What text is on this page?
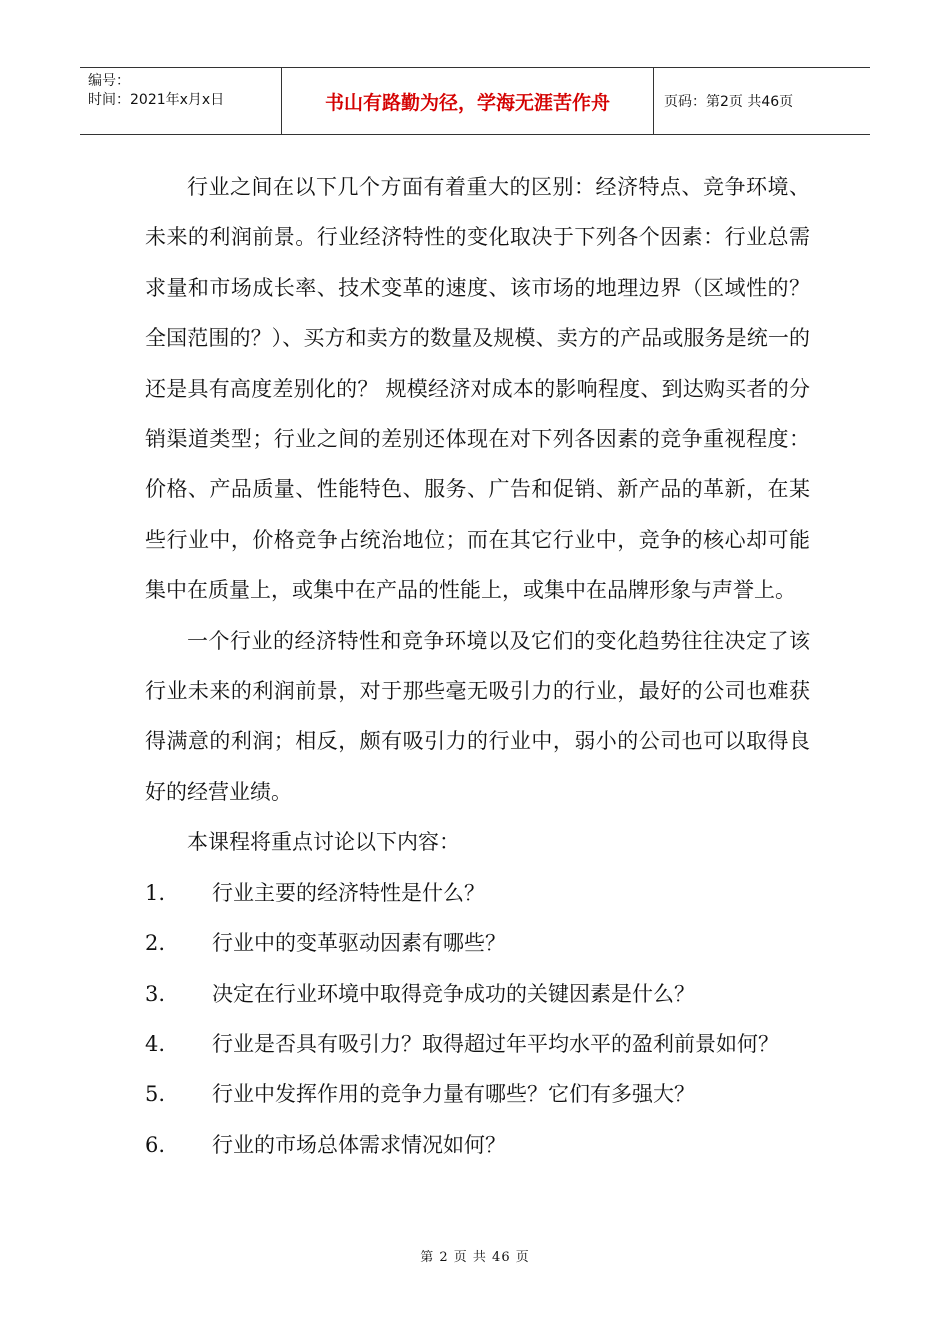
编号：
时间：2021年x月x日	书山有路勤为径，学海无涯苦作舟	页码：第2页 共46页

行业之间在以下几个方面有着重大的区别：经济特点、竞争环境、未来的利润前景。行业经济特性的变化取决于下列各个因素：行业总需求量和市场成长率、技术变革的速度、该市场的地理边界（区域性的？全国范围的？）、买方和卖方的数量及规模、卖方的产品或服务是统一的还是具有高度差别化的？ 规模经济对成本的影响程度、到达购买者的分销渠道类型；行业之间的差别还体现在对下列各因素的竞争重视程度：价格、产品质量、性能特色、服务、广告和促销、新产品的革新，在某些行业中，价格竞争占统治地位；而在其它行业中，竞争的核心却可能集中在质量上，或集中在产品的性能上，或集中在品牌形象与声誉上。

一个行业的经济特性和竞争环境以及它们的变化趋势往往决定了该行业未来的利润前景，对于那些毫无吸引力的行业，最好的公司也难获得满意的利润；相反，颇有吸引力的行业中，弱小的公司也可以取得良好的经营业绩。

本课程将重点讨论以下内容：

1.	行业主要的经济特性是什么？
2.	行业中的变革驱动因素有哪些？
3.	决定在行业环境中取得竞争成功的关键因素是什么？
4.	行业是否具有吸引力？取得超过年平均水平的盈利前景如何？
5.	行业中发挥作用的竞争力量有哪些？它们有多强大？
6.	行业的市场总体需求情况如何？
第 2 页 共 46 页
